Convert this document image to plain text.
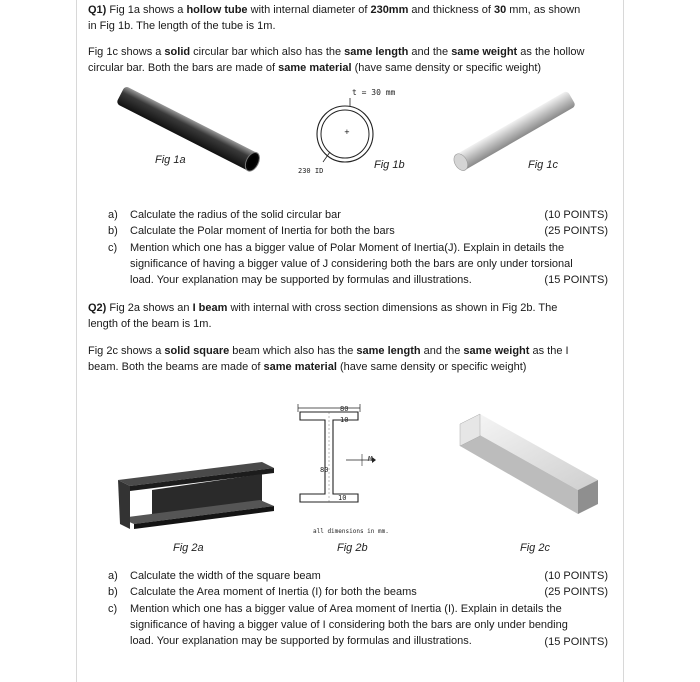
Q1) Fig 1a shows a hollow tube with internal diameter of 230mm and thickness of 30 mm, as shown
in Fig 1b. The length of the tube is 1m.
Fig 1c shows a solid circular bar which also has the same length and the same weight as the hollow
circular bar. Both the bars are made of same material (have same density or specific weight)
Fig 1a
t = 30 mm
+
230 ID	Fig 1b	Fig 1c
a) Calculate the radius of the solid circular bar	(10 POINTS)
b) Calculate the Polar moment of Inertia for both the bars	(25 POINTS)
c) Mention which one has a bigger value of Polar Moment of Inertia(J). Explain in details the
significance of having a bigger value of J considering both the bars are only under torsional
load. Your explanation may be supported by formulas and illustrations.	(15 POINTS)
Q2) Fig 2a shows an I beam with internal with cross section dimensions as shown in Fig 2b. The
length of the beam is 1m.
Fig 2c shows a solid square beam which also has the same length and the same weight as the I
beam. Both the beams are made of same material (have same density or specific weight)
Fig 2a
80
10
80
10
M
all dimensions in mm.
Fig 2b	Fig 2c
a) Calculate the width of the square beam	(10 POINTS)
b) Calculate the Area moment of Inertia (I) for both the beams	(25 POINTS)
c) Mention which one has a bigger value of Area moment of Inertia (I). Explain in details the
significance of having a bigger value of I considering both the bars are only under bending
load. Your explanation may be supported by formulas and illustrations.	(15 POINTS)
